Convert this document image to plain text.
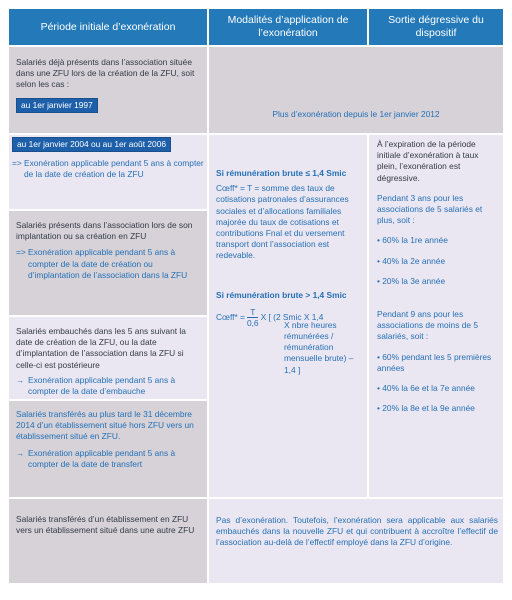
Période initiale d’exonération
Modalités d’application de l’exonération
Sortie dégressive du dispositif
Salariés déjà présents dans l’association située dans une ZFU lors de la création de la ZFU, soit selon les cas :
au 1er janvier 1997
Plus d’exonération depuis le 1er janvier 2012
au 1er janvier 2004 ou au 1er août 2006
=> Exonération applicable pendant 5 ans à compter de la date de création de la ZFU
Salariés présents dans l’association lors de son implantation ou sa création en ZFU
=> Exonération applicable pendant 5 ans à compter de la date de création ou d’implantation de l’association dans la ZFU
Salariés embauchés dans les 5 ans suivant la date de création de la ZFU, ou la date d’implantation de l’association dans la ZFU si celle-ci est postérieure
→ Exonération applicable pendant 5 ans à compter de la date d’embauche
Salariés transférés au plus tard le 31 décembre 2014 d’un établissement situé hors ZFU vers un établissement situé en ZFU.
→ Exonération applicable pendant 5 ans à compter de la date de transfert
Si rémunération brute ≤ 1,4 Smic
Cœff* = T = somme des taux de cotisations patronales d’assurances sociales et d’allocations familiales majorée du taux de cotisations et contributions Fnal et du versement transport dont l’association est redevable.
Si rémunération brute > 1,4 Smic
Cœff* = $\frac{T}{0,6}$ X [ (2 Smic X 1,4
X nbre heures rémunérées / rémunération mensuelle brute) – 1,4 ]
À l’expiration de la période initiale d’exonération à taux plein, l’exonération est dégressive.
Pendant 3 ans pour les associations de 5 salariés et plus, soit :
• 60% la 1re année
• 40% la 2e année
• 20% la 3e année
Pendant 9 ans pour les associations de moins de 5 salariés, soit :
• 60% pendant les 5 premières années
• 40% la 6e et la 7e année
• 20% la 8e et la 9e année
Salariés transférés d’un établissement en ZFU vers un établissement situé dans une autre ZFU
Pas d’exonération. Toutefois, l’exonération sera applicable aux salariés embauchés dans la nouvelle ZFU et qui contribuent à accroître l’effectif de l’association au-delà de l’effectif employé dans la ZFU d’origine.
